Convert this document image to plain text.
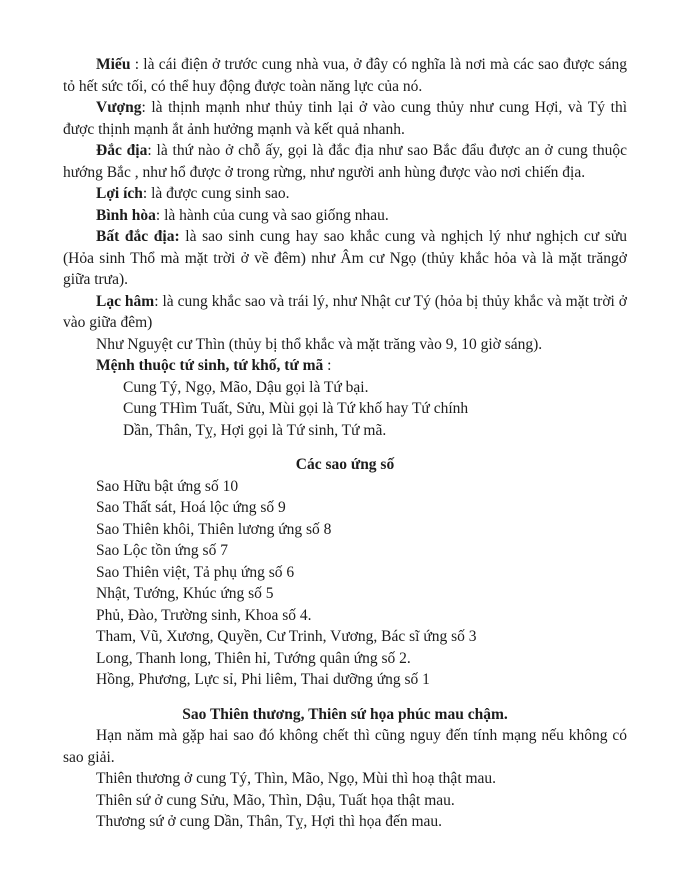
Miếu : là cái điện ở trước cung nhà vua, ở đây có nghĩa là nơi mà các sao được sáng tỏ hết sức tối, có thể huy động được toàn năng lực của nó.

Vượng: là thịnh mạnh như thủy tinh lại ở vào cung thủy như cung Hợi, và Tý thì được thịnh mạnh ắt ảnh hưởng mạnh và kết quả nhanh.

Đắc địa: là thứ nào ở chỗ ấy, gọi là đắc địa như sao Bắc đẩu được an ở cung thuộc hướng Bắc , như hổ được ở trong rừng, như người anh hùng được vào nơi chiến địa.

Lợi ích: là được cung sinh sao.

Bình hòa: là hành của cung và sao giống nhau.

Bất đắc địa: là sao sinh cung hay sao khắc cung và nghịch lý như nghịch cư sửu (Hỏa sinh Thổ mà mặt trời ở về đêm) như Âm cư Ngọ (thủy khắc hỏa và là mặt trăngở giữa trưa).

Lạc hâm: là cung khắc sao và trái lý, như Nhật cư Tý (hỏa bị thủy khắc và mặt trời ở vào giữa đêm)

Như Nguyệt cư Thìn (thủy bị thổ khắc và mặt trăng vào 9, 10 giờ sáng).

Mệnh thuộc tứ sinh, tứ khố, tứ mã :

Cung Tý, Ngọ, Mão, Dậu gọi là Tứ bại.

Cung THìm Tuất, Sửu, Mùi gọi là Tứ khố hay Tứ chính

Dần, Thân, Tỵ, Hợi gọi là Tứ sinh, Tứ mã.

Các sao ứng số

Sao Hữu bật ứng số 10

Sao Thất sát, Hoá lộc ứng số 9

Sao Thiên khôi, Thiên lương ứng số 8

Sao Lộc tồn ứng số 7

Sao Thiên việt, Tả phụ ứng số 6

Nhật, Tướng, Khúc ứng số 5

Phủ, Đào, Trường sinh, Khoa số 4.

Tham, Vũ, Xương, Quyền, Cư Trinh, Vương, Bác sĩ ứng số 3

Long, Thanh long, Thiên hỉ, Tướng quân ứng số 2.

Hồng, Phương, Lực sỉ, Phi liêm, Thai dưỡng ứng số 1

Sao Thiên thương, Thiên sứ họa phúc mau chậm.

Hạn năm mà gặp hai sao đó không chết thì cũng nguy đến tính mạng nếu không có sao giải.

Thiên thương ở cung Tý, Thìn, Mão, Ngọ, Mùi thì hoạ thật mau.

Thiên sứ ở cung Sửu, Mão, Thìn, Dậu, Tuất họa thật mau.

Thương sứ ở cung Dần, Thân, Tỵ, Hợi thì họa đến mau.
